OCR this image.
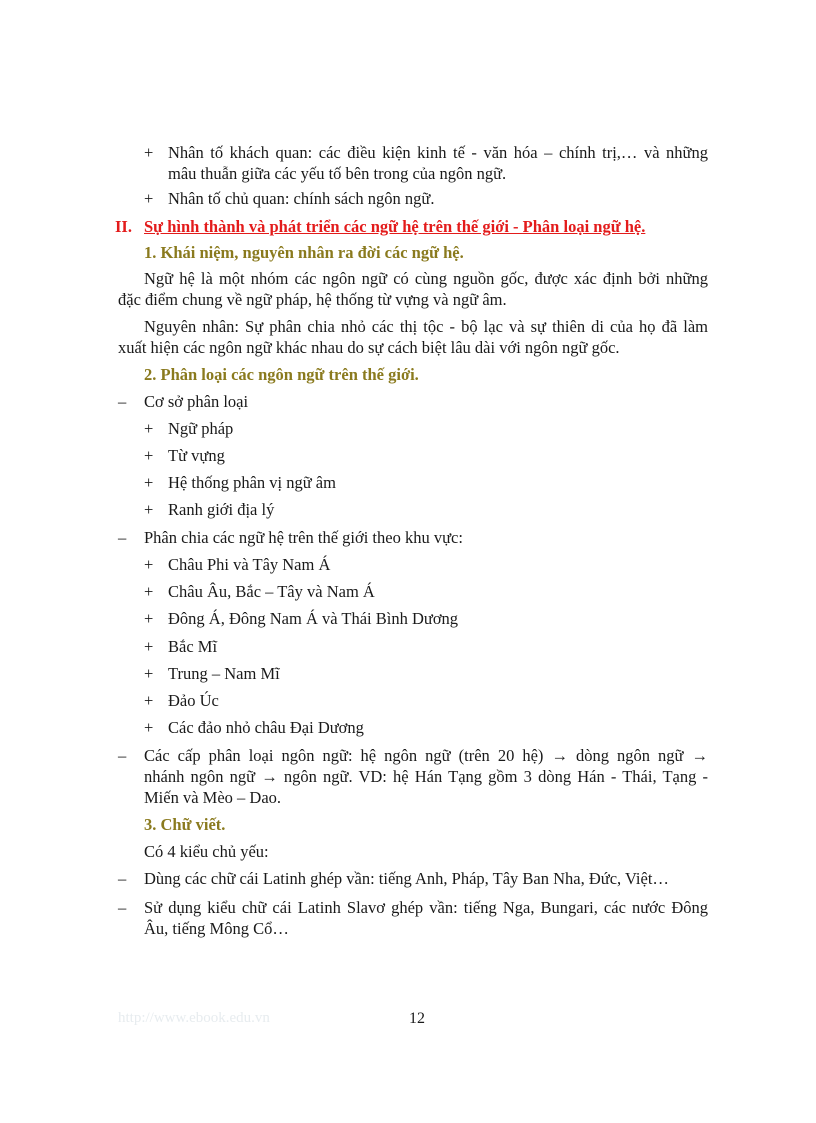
+ Nhân tố khách quan: các điều kiện kinh tế - văn hóa – chính trị,… và những
mâu thuẫn giữa các yếu tố bên trong của ngôn ngữ.
+ Nhân tố chủ quan: chính sách ngôn ngữ.
II. Sự hình thành và phát triển các ngữ hệ trên thế giới - Phân loại ngữ hệ.
1. Khái niệm, nguyên nhân ra đời các ngữ hệ.
Ngữ hệ là một nhóm các ngôn ngữ có cùng nguồn gốc, được xác định bởi những
đặc điểm chung về ngữ pháp, hệ thống từ vựng và ngữ âm.
Nguyên nhân: Sự phân chia nhỏ các thị tộc - bộ lạc và sự thiên di của họ đã làm
xuất hiện các ngôn ngữ khác nhau do sự cách biệt lâu dài với ngôn ngữ gốc.
2. Phân loại các ngôn ngữ trên thế giới.
– Cơ sở phân loại
+ Ngữ pháp
+ Từ vựng
+ Hệ thống phân vị ngữ âm
+ Ranh giới địa lý
– Phân chia các ngữ hệ trên thế giới theo khu vực:
+ Châu Phi và Tây Nam Á
+ Châu Âu, Bắc – Tây và Nam Á
+ Đông Á, Đông Nam Á và Thái Bình Dương
+ Bắc Mĩ
+ Trung – Nam Mĩ
+ Đảo Úc
+ Các đảo nhỏ châu Đại Dương
– Các cấp phân loại ngôn ngữ: hệ ngôn ngữ (trên 20 hệ) → dòng ngôn ngữ →
nhánh ngôn ngữ → ngôn ngữ. VD: hệ Hán Tạng gồm 3 dòng Hán - Thái, Tạng -
Miến và Mèo – Dao.
3. Chữ viết.
Có 4 kiểu chủ yếu:
– Dùng các chữ cái Latinh ghép vần: tiếng Anh, Pháp, Tây Ban Nha, Đức, Việt…
– Sử dụng kiểu chữ cái Latinh Slavơ ghép vần: tiếng Nga, Bungari, các nước Đông
Âu, tiếng Mông Cổ…
http://www.ebook.edu.vn	12
